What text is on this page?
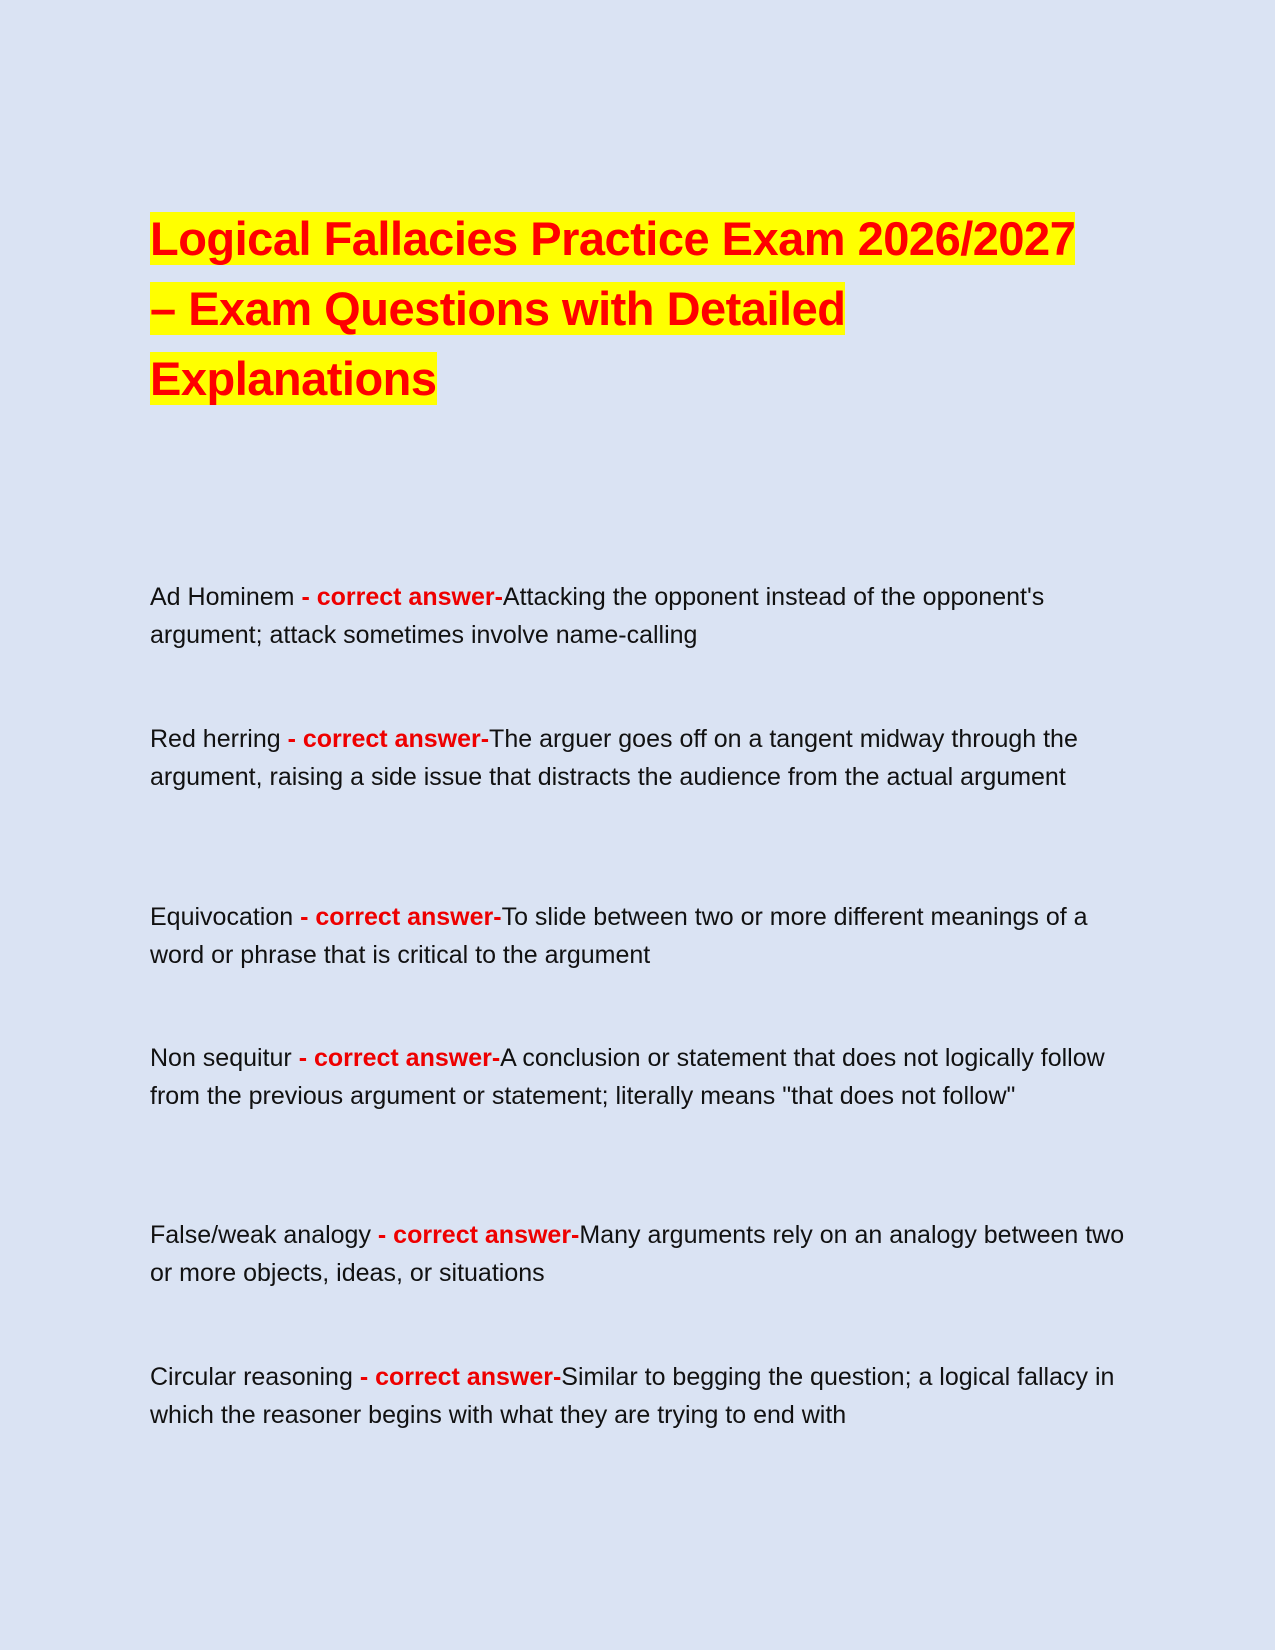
Logical Fallacies Practice Exam 2026/2027
– Exam Questions with Detailed
Explanations

Ad Hominem - correct answer-Attacking the opponent instead of the opponent's argument; attack sometimes involve name-calling

Red herring - correct answer-The arguer goes off on a tangent midway through the argument, raising a side issue that distracts the audience from the actual argument

Equivocation - correct answer-To slide between two or more different meanings of a word or phrase that is critical to the argument

Non sequitur - correct answer-A conclusion or statement that does not logically follow from the previous argument or statement; literally means "that does not follow"

False/weak analogy - correct answer-Many arguments rely on an analogy between two or more objects, ideas, or situations

Circular reasoning - correct answer-Similar to begging the question; a logical fallacy in which the reasoner begins with what they are trying to end with
